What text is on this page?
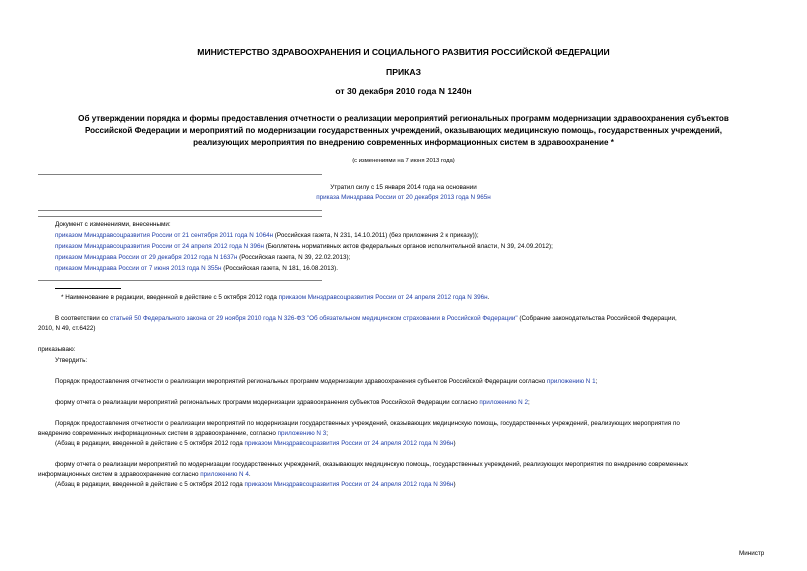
МИНИСТЕРСТВО ЗДРАВООХРАНЕНИЯ И СОЦИАЛЬНОГО РАЗВИТИЯ РОССИЙСКОЙ ФЕДЕРАЦИИ
ПРИКАЗ
от 30 декабря 2010 года N 1240н
Об утверждении порядка и формы предоставления отчетности о реализации мероприятий региональных программ модернизации здравоохранения субъектов
Российской Федерации и мероприятий по модернизации государственных учреждений, оказывающих медицинскую помощь, государственных учреждений,
реализующих мероприятия по внедрению современных информационных систем в здравоохранение *
(с изменениями на 7 июня 2013 года)
Утратил силу с 15 января 2014 года на основании
приказа Минздрава России от 20 декабря 2013 года N 965н
Документ с изменениями, внесенными:
приказом Минздравсоцразвития России от 21 сентября 2011 года N 1064н (Российская газета, N 231, 14.10.2011) (без приложения 2 к приказу));
приказом Минздравсоцразвития России от 24 апреля 2012 года N 396н (Бюллетень нормативных актов федеральных органов исполнительной власти, N 39, 24.09.2012);
приказом Минздрава России от 29 декабря 2012 года N 1637н (Российская газета, N 39, 22.02.2013);
приказом Минздрава России от 7 июня 2013 года N 355н (Российская газета, N 181, 16.08.2013).
* Наименование в редакции, введенной в действие с 5 октября 2012 года приказом Минздравсоцразвития России от 24 апреля 2012 года N 396н.
В соответствии со статьей 50 Федерального закона от 29 ноября 2010 года N 326-ФЗ "Об обязательном медицинском страховании в Российской Федерации" (Собрание законодательства Российской Федерации,
2010, N 49, ст.6422)
приказываю:
Утвердить:
Порядок предоставления отчетности о реализации мероприятий региональных программ модернизации здравоохранения субъектов Российской Федерации согласно приложению N 1;
форму отчета о реализации мероприятий региональных программ модернизации здравоохранения субъектов Российской Федерации согласно приложению N 2;
Порядок предоставления отчетности о реализации мероприятий по модернизации государственных учреждений, оказывающих медицинскую помощь, государственных учреждений, реализующих мероприятия по
внедрению современных информационных систем в здравоохранение, согласно приложению N 3;
(Абзац в редакции, введенной в действие с 5 октября 2012 года приказом Минздравсоцразвития России от 24 апреля 2012 года N 396н)
форму отчета о реализации мероприятий по модернизации государственных учреждений, оказывающих медицинскую помощь, государственных учреждений, реализующих мероприятия по внедрению современных
информационных систем в здравоохранение согласно приложению N 4.
(Абзац в редакции, введенной в действие с 5 октября 2012 года приказом Минздравсоцразвития России от 24 апреля 2012 года N 396н)
Министр
